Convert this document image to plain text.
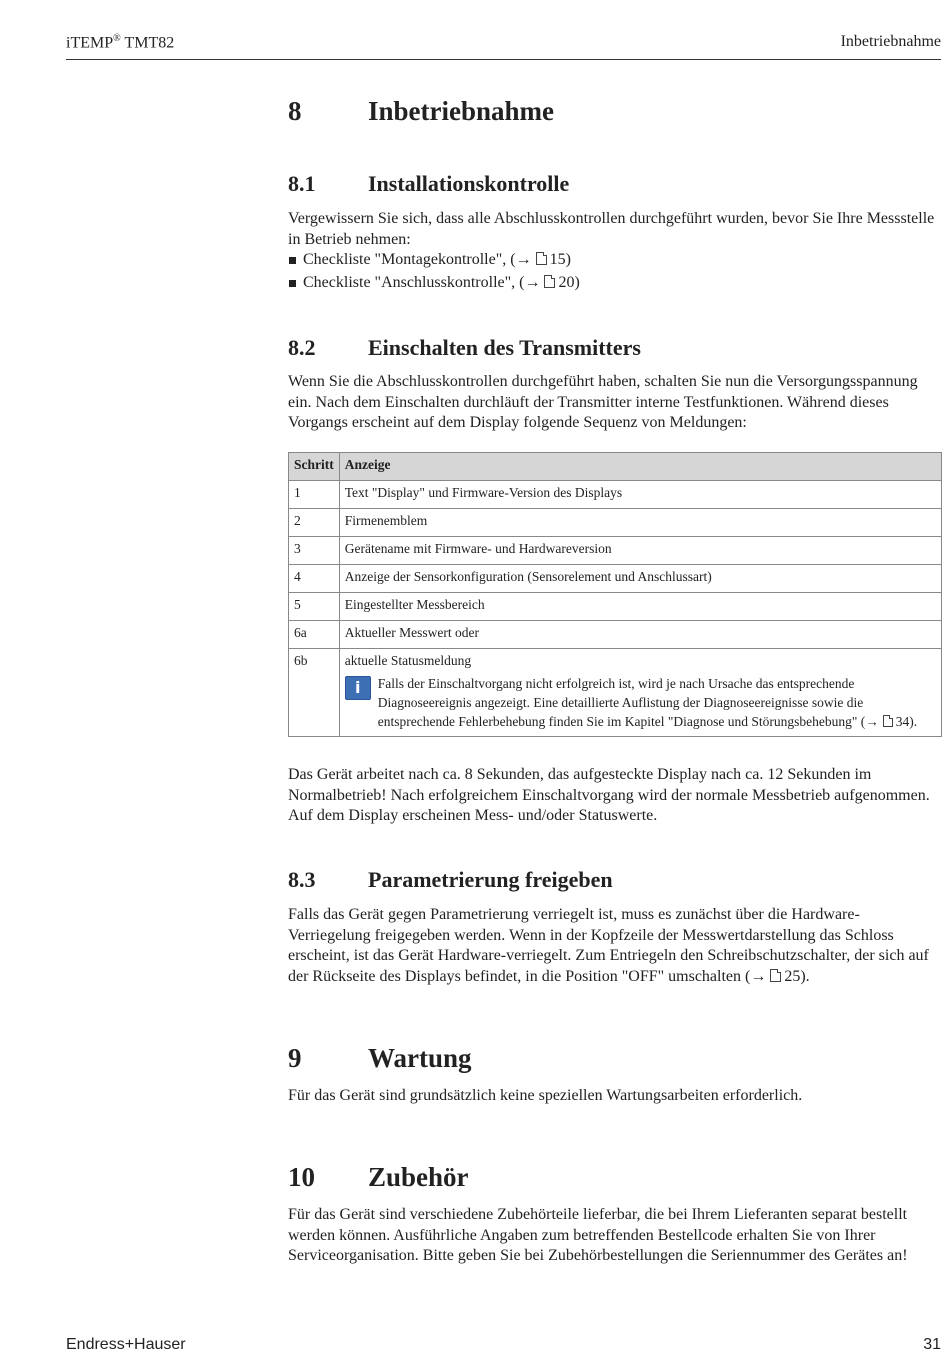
iTEMP® TMT82	Inbetriebnahme
8 Inbetriebnahme
8.1 Installationskontrolle

Vergewissern Sie sich, dass alle Abschlusskontrollen durchgeführt wurden, bevor Sie Ihre Messstelle in Betrieb nehmen:

Checkliste "Montagekontrolle", (→ 15)
Checkliste "Anschlusskontrolle", (→ 20)
8.2 Einschalten des Transmitters

Wenn Sie die Abschlusskontrollen durchgeführt haben, schalten Sie nun die Versorgungsspannung ein. Nach dem Einschalten durchläuft der Transmitter interne Testfunktionen. Während dieses Vorgangs erscheint auf dem Display folgende Sequenz von Meldungen:

Schritt	Anzeige
1	Text "Display" und Firmware-Version des Displays
2	Firmenemblem
3	Gerätename mit Firmware- und Hardwareversion
4	Anzeige der Sensorkonfiguration (Sensorelement und Anschlussart)
5	Eingestellter Messbereich
6a	Aktueller Messwert oder
6b	aktuelle Statusmeldung
i Falls der Einschaltvorgang nicht erfolgreich ist, wird je nach Ursache das entsprechende Diagnoseereignis angezeigt. Eine detaillierte Auflistung der Diagnoseereignisse sowie die entsprechende Fehlerbehebung finden Sie im Kapitel "Diagnose und Störungsbehebung" (→ 34).

Das Gerät arbeitet nach ca. 8 Sekunden, das aufgesteckte Display nach ca. 12 Sekunden im Normalbetrieb! Nach erfolgreichem Einschaltvorgang wird der normale Messbetrieb aufgenommen. Auf dem Display erscheinen Mess- und/oder Statuswerte.

8.3 Parametrierung freigeben

Falls das Gerät gegen Parametrierung verriegelt ist, muss es zunächst über die Hardware-Verriegelung freigegeben werden. Wenn in der Kopfzeile der Messwertdarstellung das Schloss erscheint, ist das Gerät Hardware-verriegelt. Zum Entriegeln den Schreibschutzschalter, der sich auf der Rückseite des Displays befindet, in die Position "OFF" umschalten (→ 25).

9 Wartung

Für das Gerät sind grundsätzlich keine speziellen Wartungsarbeiten erforderlich.

10 Zubehör

Für das Gerät sind verschiedene Zubehörteile lieferbar, die bei Ihrem Lieferanten separat bestellt werden können. Ausführliche Angaben zum betreffenden Bestellcode erhalten Sie von Ihrer Serviceorganisation. Bitte geben Sie bei Zubehörbestellungen die Seriennummer des Gerätes an!

Endress+Hauser	31
